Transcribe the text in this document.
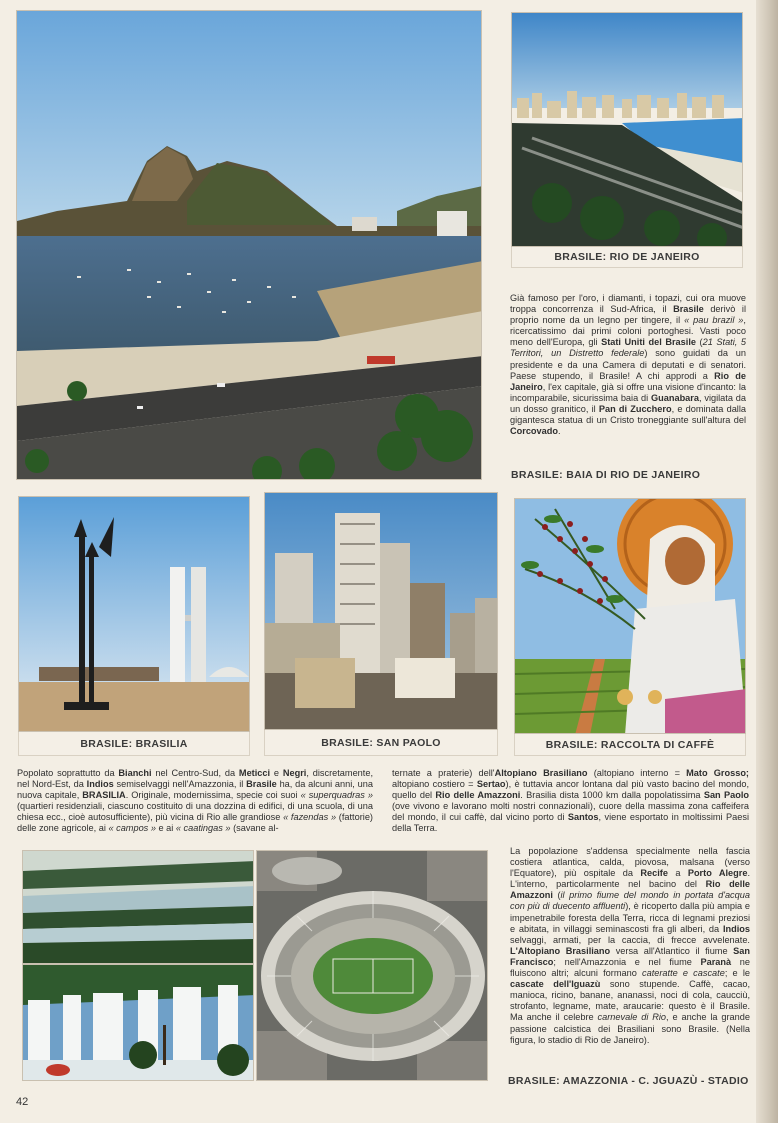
BRASILE: RIO DE JANEIRO
Già famoso per l'oro, i diamanti, i topazi, cui ora muove troppa concorrenza il Sud-Africa, il Brasile derivò il proprio nome da un legno per tingere, il « pau brazil », ricercatissimo dai primi coloni portoghesi. Vasti poco meno dell'Europa, gli Stati Uniti del Brasile (21 Stati, 5 Territori, un Distretto federale) sono guidati da un presidente e da una Camera di deputati e di senatori. Paese stupendo, il Brasile! A chi approdi a Rio de Janeiro, l'ex capitale, già si offre una visione d'incanto: la incomparabile, sicurissima baia di Guanabara, vigilata da un dosso granitico, il Pan di Zucchero, e dominata dalla gigantesca statua di un Cristo troneggiante sull'altura del Corcovado.
BRASILE: BAIA DI RIO DE JANEIRO
BRASILE: BRASILIA	BRASILE: SAN PAOLO	BRASILE: RACCOLTA DI CAFFÈ
Popolato soprattutto da Bianchi nel Centro-Sud, da Meticci e Negri, discretamente, nel Nord-Est, da Indios semiselvaggi nell'Amazzonia, il Brasile ha, da alcuni anni, una nuova capitale, BRASILIA. Originale, modernissima, specie coi suoi « superquadras » (quartieri residenziali, ciascuno costituito di una dozzina di edifici, di una scuola, di una chiesa ecc., cioè autosufficiente), più vicina di Rio alle grandiose « fazendas » (fattorie) delle zone agricole, ai « campos » e ai « caatingas » (savane al-
ternate a praterie) dell'Altopiano Brasiliano (altopiano interno = Mato Grosso; altopiano costiero = Sertao), è tuttavia ancor lontana dal più vasto bacino del mondo, quello del Rio delle Amazzoni. Brasilia dista 1000 km dalla popolatissima San Paolo (ove vivono e lavorano molti nostri connazionali), cuore della massima zona caffeifera del mondo, il cui caffè, dal vicino porto di Santos, viene esportato in moltissimi Paesi della Terra.
La popolazione s'addensa specialmente nella fascia costiera atlantica, calda, piovosa, malsana (verso l'Equatore), più ospitale da Recife a Porto Alegre. L'interno, particolarmente nel bacino del Rio delle Amazzoni (il primo fiume del mondo in portata d'acqua con più di duecento affluenti), è ricoperto dalla più ampia e impenetrabile foresta della Terra, ricca di legnami preziosi e abitata, in villaggi seminascosti fra gli alberi, da Indios selvaggi, armati, per la caccia, di frecce avvelenate. L'Altopiano Brasiliano versa all'Atlantico il fiume San Francisco; nell'Amazzonia e nel fiume Paranà ne fluiscono altri; alcuni formano cateratte e cascate; e le cascate dell'Iguazù sono stupende. Caffè, cacao, manioca, ricino, banane, ananassi, noci di cola, caucciù, strofanto, legname, mate, araucarie: questo è il Brasile. Ma anche il celebre carnevale di Rio, e anche la grande passione calcistica dei Brasiliani sono Brasile. (Nella figura, lo stadio di Rio de Janeiro).
BRASILE: AMAZZONIA - C. JGUAZÙ - STADIO
42
